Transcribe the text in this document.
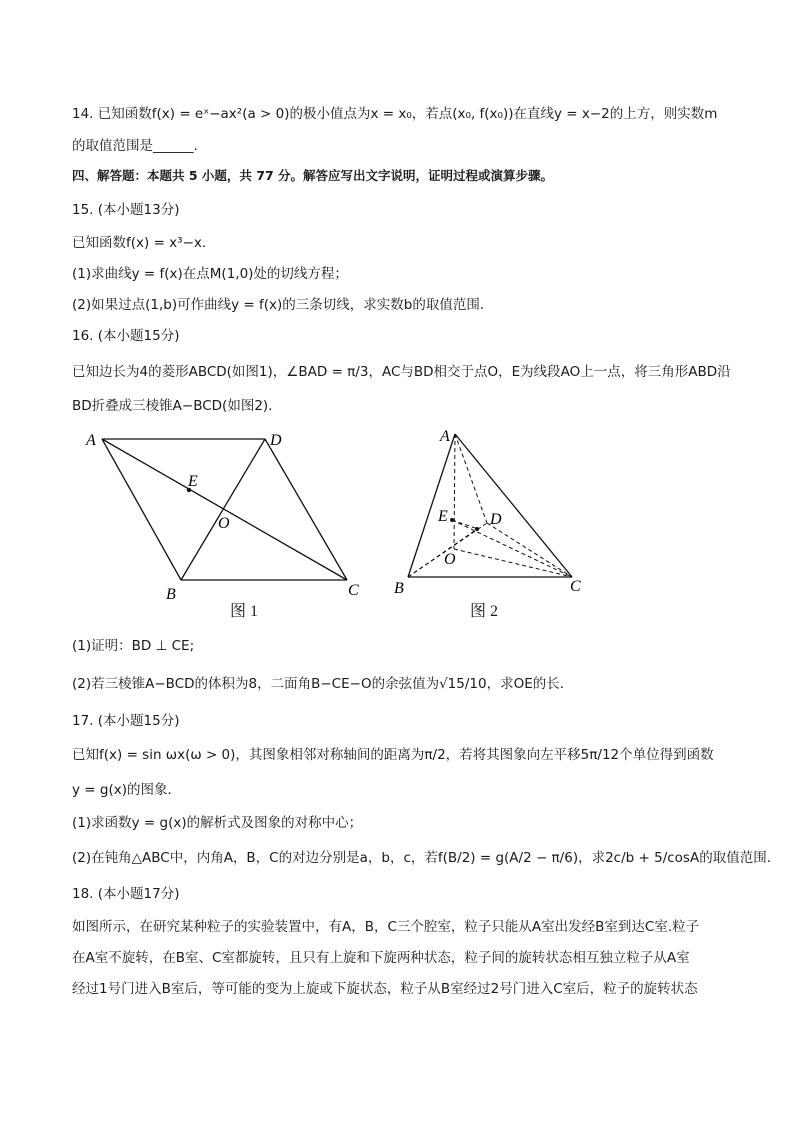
14. 已知函数f(x) = eˣ−ax²(a > 0)的极小值点为x = x₀，若点(x₀, f(x₀))在直线y = x−2的上方，则实数m
的取值范围是______.
四、解答题：本题共 5 小题，共 77 分。解答应写出文字说明，证明过程或演算步骤。
15. (本小题13分)
已知函数f(x) = x³−x．
(1)求曲线y = f(x)在点M(1,0)处的切线方程；
(2)如果过点(1,b)可作曲线y = f(x)的三条切线，求实数b的取值范围．
16. (本小题15分)
已知边长为4的菱形ABCD(如图1)，∠BAD = π/3，AC与BD相交于点O，E为线段AO上一点，将三角形ABD沿
BD折叠成三棱锥A−BCD(如图2)．
A	D
E
O
B	C
图 1
A
E	D
O
B	C
图 2
(1)证明：BD ⊥ CE;
(2)若三棱锥A−BCD的体积为8，二面角B−CE−O的余弦值为√15/10，求OE的长．
17. (本小题15分)
已知f(x) = sin ωx(ω > 0)，其图象相邻对称轴间的距离为π/2，若将其图象向左平移5π/12个单位得到函数
y = g(x)的图象．
(1)求函数y = g(x)的解析式及图象的对称中心；
(2)在钝角△ABC中，内角A，B，C的对边分别是a，b，c，若f(B/2) = g(A/2 − π/6)，求2c/b + 5/cosA的取值范围．
18. (本小题17分)
如图所示，在研究某种粒子的实验装置中，有A，B，C三个腔室，粒子只能从A室出发经B室到达C室.粒子
在A室不旋转，在B室、C室都旋转，且只有上旋和下旋两种状态，粒子间的旋转状态相互独立粒子从A室
经过1号门进入B室后，等可能的变为上旋或下旋状态，粒子从B室经过2号门进入C室后，粒子的旋转状态
